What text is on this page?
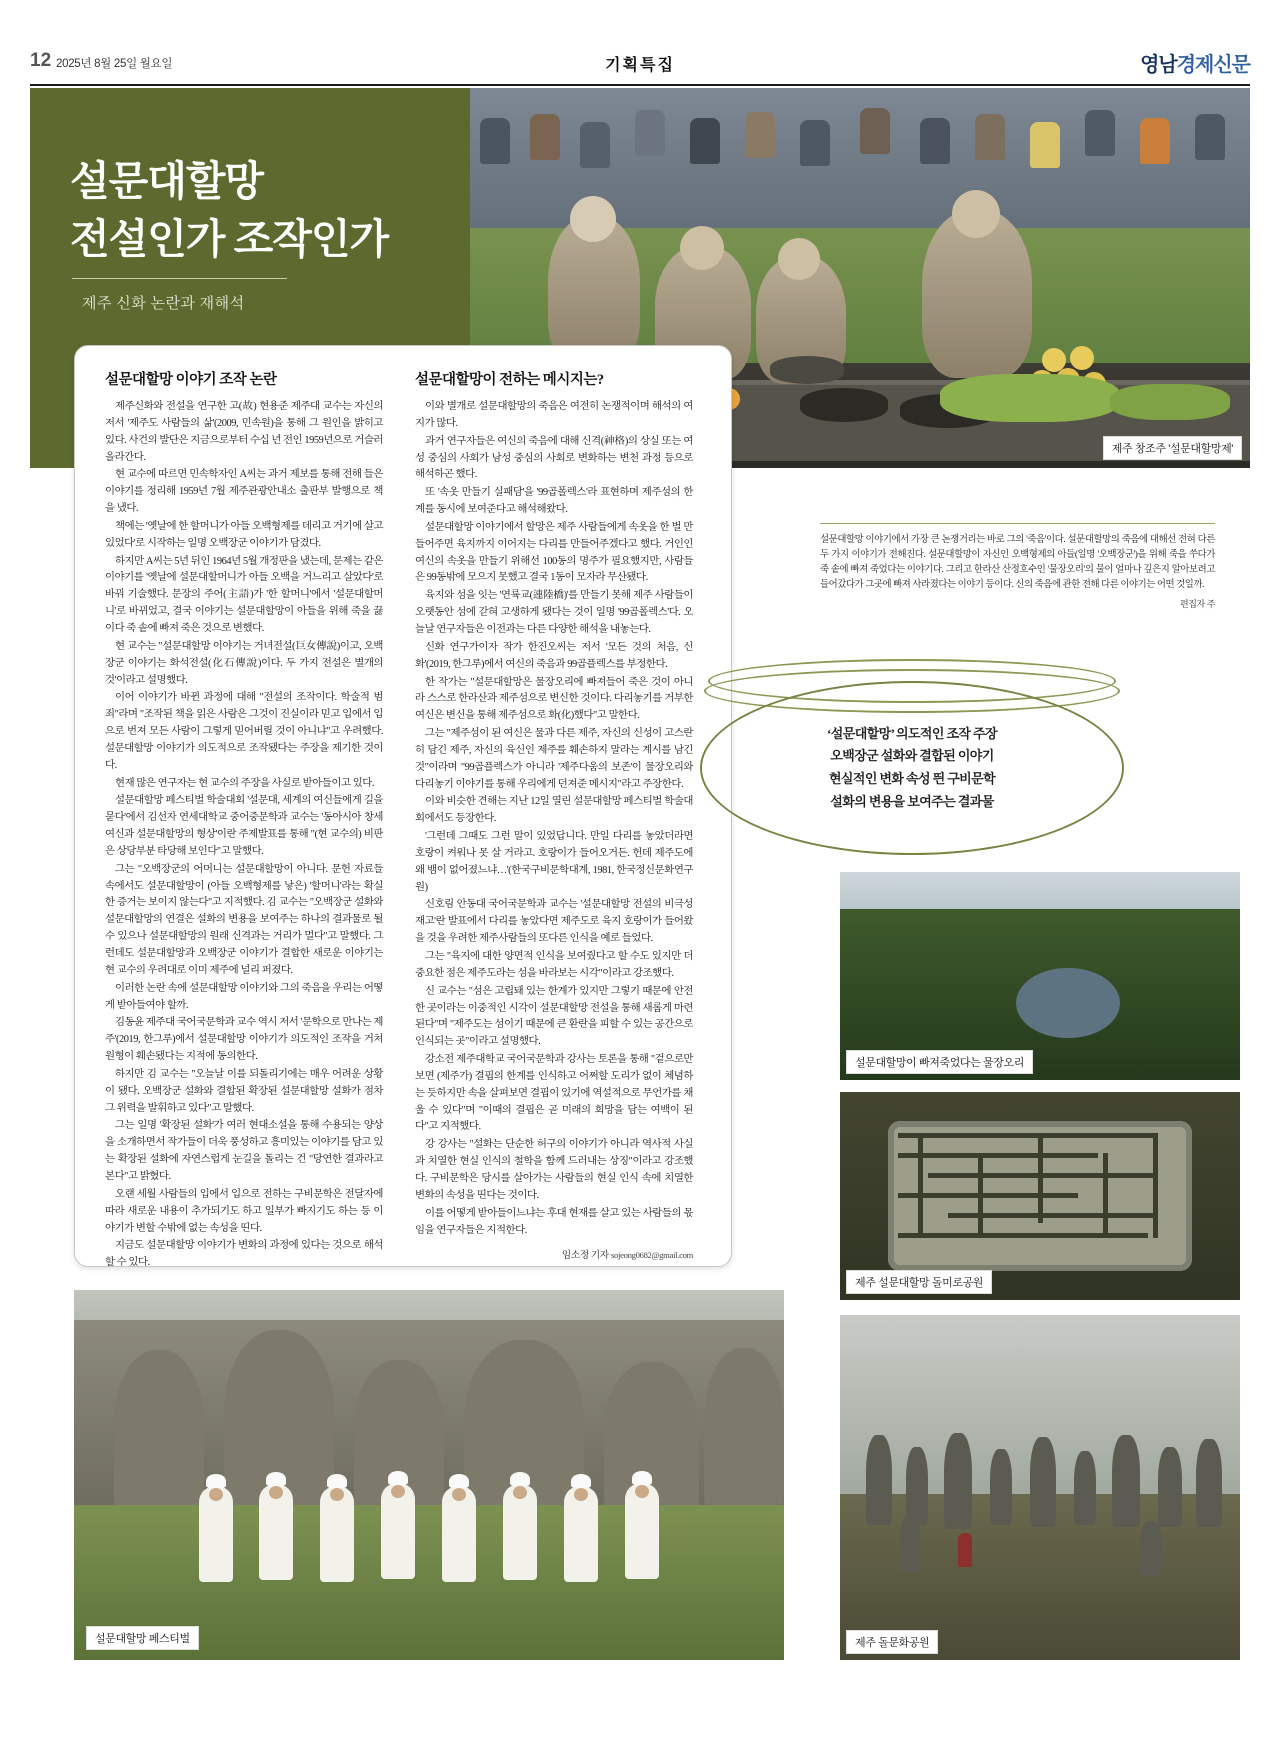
12 2025년 8월 25일 월요일	기획특집	영남경제신문
설문대할망
전설인가 조작인가
제주 신화 논란과 재해석
제주 창조주 '설문대할망제'
설문대할망 이야기 조작 논란

제주신화와 전설을 연구한 고(故) 현용준 제주대 교수는 자신의 저서 '제주도 사람들의 삶'(2009, 민속원)을 통해 그 원인을 밝히고 있다. 사건의 발단은 지금으로부터 수십 년 전인 1959년으로 거슬러 올라간다.

현 교수에 따르면 민속학자인 A씨는 과거 제보를 통해 전해 들은 이야기를 정리해 1959년 7월 제주관광안내소 출판부 발행으로 책을 냈다.

책에는 '옛날에 한 할머니가 아들 오백형제를 데리고 거기에 살고 있었다'로 시작하는 일명 오백장군 이야기가 담겼다.

하지만 A씨는 5년 뒤인 1964년 5월 개정판을 냈는데, 문제는 같은 이야기를 '옛날에 설문대할머니가 아들 오백을 거느리고 살았다'로 바꿔 기술했다. 문장의 주어(主語)가 '한 할머니'에서 '설문대할머니'로 바뀌었고, 결국 이야기는 설문대할망이 아들을 위해 죽을 끓이다 죽 솥에 빠져 죽은 것으로 변했다.

현 교수는 "설문대할망 이야기는 거녀전설(巨女傳說)이고, 오백장군 이야기는 화석전설(化石傳說)이다. 두 가지 전설은 별개의 것'이라고 설명했다.

이어 이야기가 바뀐 과정에 대해 "전설의 조작이다. 학술적 범죄"라며 "조작된 책을 읽은 사람은 그것이 진실이라 믿고 입에서 입으로 번져 모든 사람이 그렇게 믿어버릴 것이 아니냐"고 우려했다. 설문대할망 이야기가 의도적으로 조작됐다는 주장을 제기한 것이다.

현재 많은 연구자는 현 교수의 주장을 사실로 받아들이고 있다.

설문대할망 페스티벌 학술대회 '설문대, 세계의 여신들에게 길을 묻다'에서 김선자 연세대학교 중어중문학과 교수는 '동아시아 창세여신과 설문대할망의 형상'이란 주제발표를 통해 "(현 교수의) 비판은 상당부분 타당해 보인다"고 말했다.

그는 "오백장군의 어머니는 설문대할망이 아니다. 문헌 자료들 속에서도 설문대할망이 (아들 오백형제를 낳은) '할머니'라는 확실한 증거는 보이지 않는다"고 지적했다. 김 교수는 "오백장군 설화와 설문대할망의 연결은 설화의 변용을 보여주는 하나의 결과물로 될 수 있으나 설문대할망의 원래 신격과는 거리가 멀다"고 말했다. 그런데도 설문대할망과 오백장군 이야기가 결합한 새로운 이야기는 현 교수의 우려대로 이미 제주에 널리 퍼졌다.

이러한 논란 속에 설문대할망 이야기와 그의 죽음을 우리는 어떻게 받아들여야 할까.

김동윤 제주대 국어국문학과 교수 역시 저서 '문학으로 만나는 제주'(2019, 한그루)에서 설문대할망 이야기가 의도적인 조작을 거쳐 원형이 훼손됐다는 지적에 동의한다.

하지만 김 교수는 "오늘날 이를 되돌리기에는 매우 어려운 상황이 됐다. 오백장군 설화와 결합된 확장된 설문대할망 설화가 점차 그 위력을 발휘하고 있다"고 말했다.

그는 일명 '확장된 설화'가 여러 현대소설을 통해 수용되는 양상을 소개하면서 작가들이 더욱 풍성하고 흥미있는 이야기를 담고 있는 확장된 설화에 자연스럽게 눈길을 돌리는 건 "당연한 결과라고 본다"고 밝혔다.

오랜 세월 사람들의 입에서 입으로 전하는 구비문학은 전달자에 따라 새로운 내용이 추가되기도 하고 일부가 빠지기도 하는 등 이야기가 변할 수밖에 없는 속성을 띤다.

지금도 설문대할망 이야기가 변화의 과정에 있다는 것으로 해석할 수 있다.

설문대할망이 전하는 메시지는?

이와 별개로 설문대할망의 죽음은 여전히 논쟁적이며 해석의 여지가 많다.

과거 연구자들은 여신의 죽음에 대해 신격(神格)의 상실 또는 여성 중심의 사회가 남성 중심의 사회로 변화하는 변천 과정 등으로 해석하곤 했다.

또 '속옷 만들기 실패담'을 '99곱폴렉스'라 표현하며 제주섬의 한계를 동시에 보여준다고 해석해왔다.

설문대할망 이야기에서 할망은 제주 사람들에게 속옷을 한 벌 만들어주면 육지까지 이어지는 다리를 만들어주겠다고 했다. 거인인 여신의 속옷을 만들기 위해선 100동의 명주가 필요했지만, 사람들은 99동밖에 모으지 못했고 결국 1동이 모자라 무산됐다.

육지와 섬을 잇는 '연륙교(連陸橋)'를 만들기 못해 제주 사람들이 오랫동안 섬에 갇혀 고생하게 됐다는 것이 일명 '99곱폴렉스'다. 오늘날 연구자들은 이전과는 다른 다양한 해석을 내놓는다.

신화 연구가이자 작가 한진오씨는 저서 '모든 것의 처음, 신화'(2019, 한그루)에서 여신의 죽음과 99곱플렉스를 부정한다.

한 작가는 "설문대할망은 물장오리에 빠져들어 죽은 것이 아니라 스스로 한라산과 제주섬으로 변신한 것이다. 다리놓기를 거부한 여신은 변신을 통해 제주섬으로 화(化)했다"고 말한다.

그는 "제주섬이 된 여신은 물과 다른 제주, 자신의 신성이 고스란히 담긴 제주, 자신의 육신인 제주를 훼손하지 말라는 계시를 남긴 것"이라며 "99곱플렉스가 아니라 '제주다움의 보존'이 물장오리와 다리놓기 이야기를 통해 우리에게 던져준 메시지"라고 주장한다.

이와 비슷한 견해는 지난 12일 열린 설문대할망 페스티벌 학술대회에서도 등장한다.

'그런데 그때도 그런 말이 있었답니다. 만일 다리를 놓았더라면 호랑이 켜워나 못 살 거라고. 호랑이가 들어오거든. 헌데 제주도에 왜 뱀이 없어졌느냐…'(한국구비문학대계, 1981, 한국정신문화연구원)

신호림 안동대 국어국문학과 교수는 '설문대할망 전설의 비극성 재고'란 발표에서 다리를 놓았다면 제주도로 육지 호랑이가 들어왔을 것을 우려한 제주사람들의 또다른 인식을 예로 들었다.

그는 "육지에 대한 양면적 인식을 보여줬다고 할 수도 있지만 더 중요한 점은 제주도라는 섬을 바라보는 시각"이라고 강조했다.

신 교수는 "섬은 고립돼 있는 한계가 있지만 그렇기 때문에 안전한 곳이라는 이중적인 시각이 설문대할망 전설을 통해 새롭게 마련된다"며 "제주도는 섬이기 때문에 큰 환란을 피할 수 있는 공간으로 인식되는 곳"이라고 설명했다.

강소전 제주대학교 국어국문학과 강사는 토론을 통해 "겉으로만 보면 (제주가) 결핍의 한계를 인식하고 어쩌할 도리가 없이 체념하는 듯하지만 속을 살펴보면 결핍이 있기에 역설적으로 무언가를 채울 수 있다"며 "이때의 결핍은 곧 미래의 희망을 담는 여백이 된다"고 지적했다.

강 강사는 "설화는 단순한 허구의 이야기가 아니라 역사적 사실과 치열한 현실 인식의 철학을 함께 드러내는 상징"이라고 강조했다. 구비문학은 당시를 살아가는 사람들의 현실 인식 속에 치열한 변화의 속성을 띤다는 것이다.

이를 어떻게 받아들이느냐는 후대 현재를 살고 있는 사람들의 몫임을 연구자들은 지적한다.

임소정 기자 sojeong0682@gmail.com
설문대할망 이야기에서 가장 큰 논쟁거리는 바로 그의 '죽음'이다. 설문대할망의 죽음에 대해선 전혀 다른 두 가지 이야기가 전해진다. 설문대할망이 자신인 오백형제의 아들(일명 '오백장군')을 위해 죽을 쑤다가 죽 솥에 빠져 죽었다는 이야기다. 그리고 한라산 산정호수인 '물장오리'의 물이 얼마나 깊은지 알아보려고 들어갔다가 그곳에 빠져 사라졌다는 이야기 등이다. 신의 죽음에 관한 전해 다른 이야기는 어떤 것일까.
편집자 주
‘설문대할망’ 의도적인 조작 주장
오백장군 설화와 결합된 이야기
현실적인 변화 속성 띈 구비문학
설화의 변용을 보여주는 결과물
설문대할망이 빠져죽었다는 물장오리
제주 설문대할망 돌미로공원
제주 돌문화공원
설문대할망 페스티벌
